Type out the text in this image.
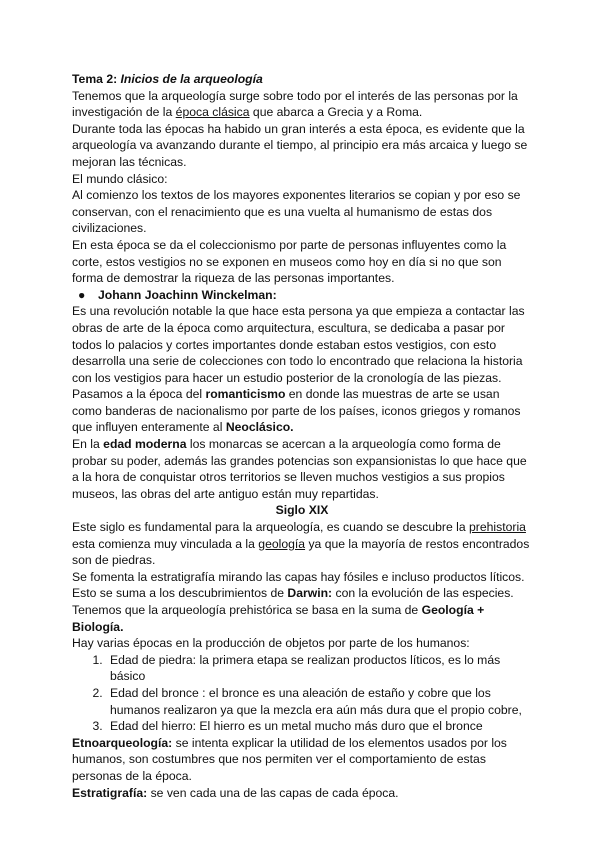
Tema 2: Inicios de la arqueología

Tenemos que la arqueología surge sobre todo por el interés de las personas por la investigación de la época clásica que abarca a Grecia y a Roma.

Durante toda las épocas ha habido un gran interés a esta época, es evidente que la arqueología va avanzando durante el tiempo, al principio era más arcaica y luego se mejoran las técnicas.

El mundo clásico:

Al comienzo los textos de los mayores exponentes literarios se copian y por eso se conservan, con el renacimiento que es una vuelta al humanismo de estas dos civilizaciones.

En esta época se da el coleccionismo por parte de personas influyentes como la corte, estos vestigios no se exponen en museos como hoy en día si no que son forma de demostrar la riqueza de las personas importantes.

● Johann Joachinn Winckelman:

Es una revolución notable la que hace esta persona ya que empieza a contactar las obras de arte de la época como arquitectura, escultura, se dedicaba a pasar por todos lo palacios y cortes importantes donde estaban estos vestigios, con esto desarrolla una serie de colecciones con todo lo encontrado que relaciona la historia con los vestigios para hacer un estudio posterior de la cronología de las piezas.

Pasamos a la época del romanticismo en donde las muestras de arte se usan como banderas de nacionalismo por parte de los países, iconos griegos y romanos que influyen enteramente al Neoclásico.

En la edad moderna los monarcas se acercan a la arqueología como forma de probar su poder, además las grandes potencias son expansionistas lo que hace que a la hora de conquistar otros territorios se lleven muchos vestigios a sus propios museos, las obras del arte antiguo están muy repartidas.

Siglo XIX

Este siglo es fundamental para la arqueología, es cuando se descubre la prehistoria esta comienza muy vinculada a la geología ya que la mayoría de restos encontrados son de piedras.

Se fomenta la estratigrafía mirando las capas hay fósiles e incluso productos líticos.

Esto se suma a los descubrimientos de Darwin: con la evolución de las especies.

Tenemos que la arqueología prehistórica se basa en la suma de Geología + Biología.

Hay varias épocas en la producción de objetos por parte de los humanos:

1. Edad de piedra: la primera etapa se realizan productos líticos, es lo más básico
2. Edad del bronce : el bronce es una aleación de estaño y cobre que los humanos realizaron ya que la mezcla era aún más dura que el propio cobre,
3. Edad del hierro: El hierro es un metal mucho más duro que el bronce

Etnoarqueología: se intenta explicar la utilidad de los elementos usados por los humanos, son costumbres que nos permiten ver el comportamiento de estas personas de la época.

Estratigrafía: se ven cada una de las capas de cada época.
